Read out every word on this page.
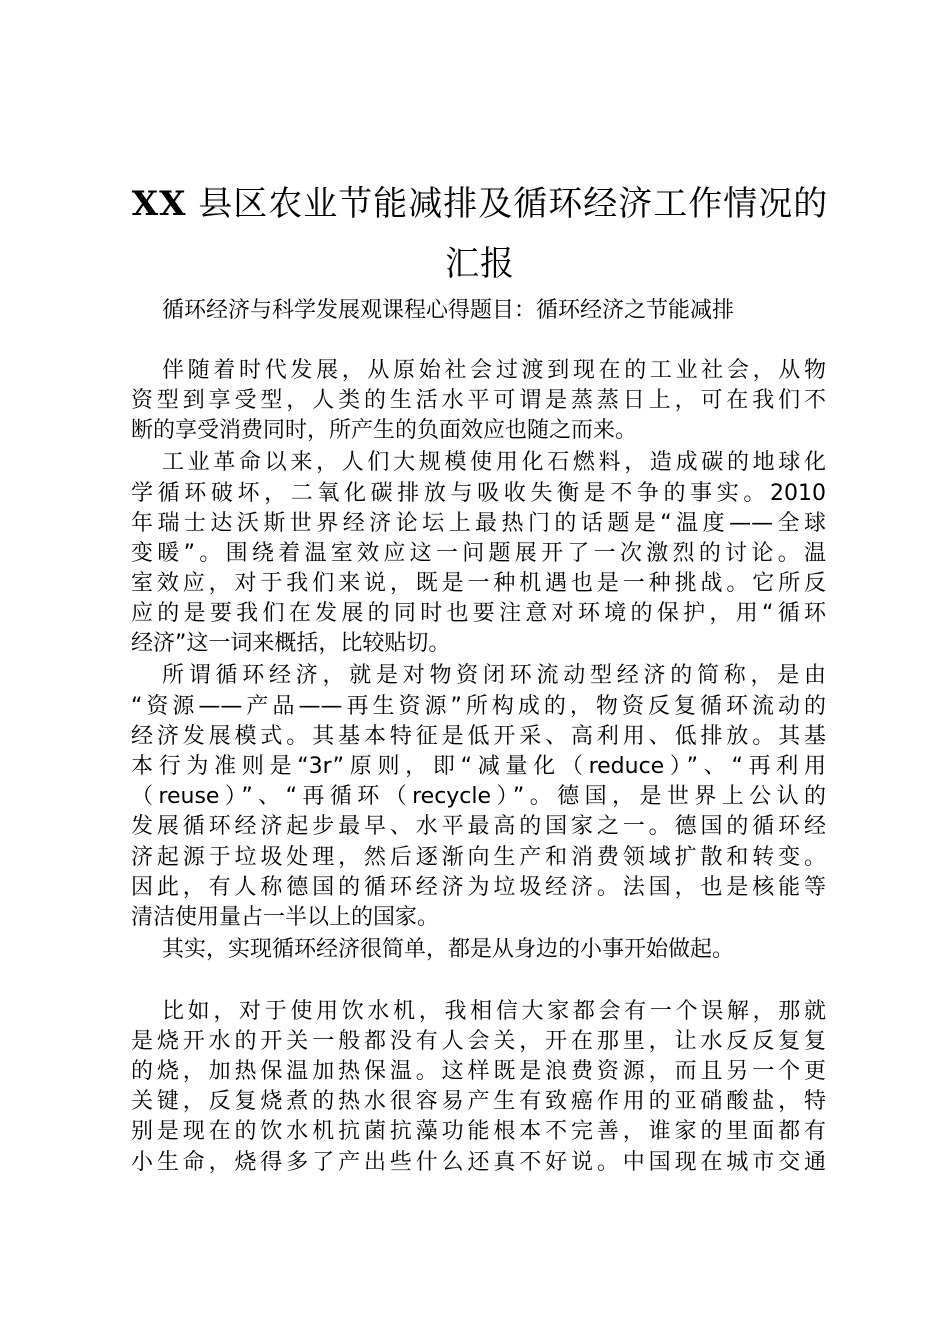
XX 县区农业节能减排及循环经济工作情况的
汇报
循环经济与科学发展观课程心得题目：循环经济之节能减排
伴随着时代发展，从原始社会过渡到现在的工业社会，从物
资型到享受型，人类的生活水平可谓是蒸蒸日上，可在我们不
断的享受消费同时，所产生的负面效应也随之而来。
工业革命以来，人们大规模使用化石燃料，造成碳的地球化
学循环破坏，二氧化碳排放与吸收失衡是不争的事实。2010
年瑞士达沃斯世界经济论坛上最热门的话题是“温度——全球
变暖”。围绕着温室效应这一问题展开了一次激烈的讨论。温
室效应，对于我们来说，既是一种机遇也是一种挑战。它所反
应的是要我们在发展的同时也要注意对环境的保护，用“循环
经济”这一词来概括，比较贴切。
所谓循环经济，就是对物资闭环流动型经济的简称，是由
“资源——产品——再生资源”所构成的，物资反复循环流动的
经济发展模式。其基本特征是低开采、高利用、低排放。其基
本行为准则是“3r”原则，即“减量化（reduce）”、“再利用
（reuse）”、“再循环（recycle）”。德国，是世界上公认的
发展循环经济起步最早、水平最高的国家之一。德国的循环经
济起源于垃圾处理，然后逐渐向生产和消费领域扩散和转变。
因此，有人称德国的循环经济为垃圾经济。法国，也是核能等
清洁使用量占一半以上的国家。
其实，实现循环经济很简单，都是从身边的小事开始做起。
比如，对于使用饮水机，我相信大家都会有一个误解，那就
是烧开水的开关一般都没有人会关，开在那里，让水反反复复
的烧，加热保温加热保温。这样既是浪费资源，而且另一个更
关键，反复烧煮的热水很容易产生有致癌作用的亚硝酸盐，特
别是现在的饮水机抗菌抗藻功能根本不完善，谁家的里面都有
小生命，烧得多了产出些什么还真不好说。中国现在城市交通
